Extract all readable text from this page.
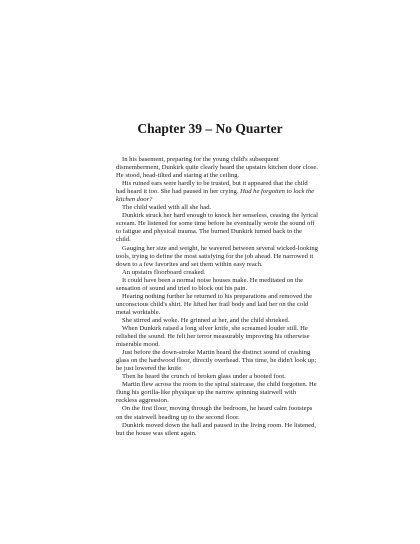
Chapter 39 – No Quarter

In his basement, preparing for the young child's subsequent dismemberment, Dunkirk quite clearly heard the upstairs kitchen door close. He stood, head-tilted and staring at the ceiling.

His ruined ears were hardly to be trusted, but it appeared that the child had heard it too. She had paused in her crying. Had he forgotten to lock the kitchen door?

The child wailed with all she had.

Dunkirk struck her hard enough to knock her senseless, ceasing the lyrical scream. He listened for some time before he eventually wrote the sound off to fatigue and physical trauma. The burned Dunkirk turned back to the child.

Gauging her size and weight, he wavered between several wicked-looking tools, trying to define the most satisfying for the job ahead. He narrowed it down to a few favorites and set them within easy reach.

An upstairs floorboard creaked.

It could have been a normal noise houses make. He meditated on the sensation of sound and tried to block out his pain.

Hearing nothing further he returned to his preparations and removed the unconscious child's shirt. He lifted her frail body and laid her on the cold metal worktable.

She stirred and woke. He grinned at her, and the child shrieked.

When Dunkirk raised a long silver knife, she screamed louder still. He relished the sound. He felt her terror measurably improving his otherwise miserable mood.

Just before the down-stroke Martin heard the distinct sound of crashing glass on the hardwood floor, directly overhead. This time, he didn't look up; he just lowered the knife.

Then he heard the crunch of broken glass under a booted foot.

Martin flew across the room to the spiral staircase, the child forgotten. He flung his gorilla-like physique up the narrow spinning stairwell with reckless aggression.

On the first floor, moving through the bedroom, he heard calm footsteps on the stairwell heading up to the second floor.

Dunkirk moved down the hall and paused in the living room. He listened, but the house was silent again.
